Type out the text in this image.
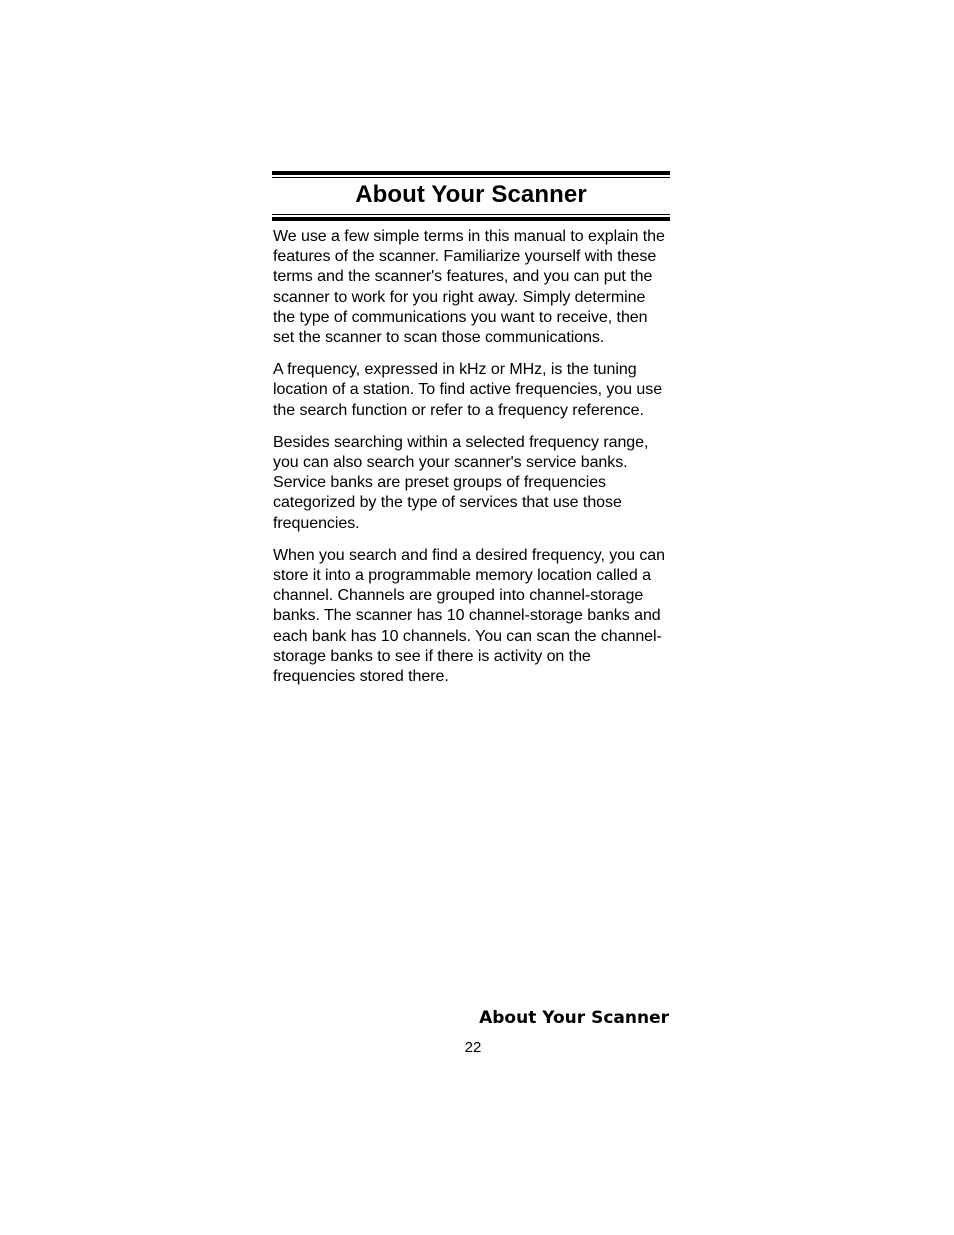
About Your Scanner

We use a few simple terms in this manual to explain the features of the scanner. Familiarize yourself with these terms and the scanner's features, and you can put the scanner to work for you right away. Simply determine the type of communications you want to receive, then set the scanner to scan those communications.

A frequency, expressed in kHz or MHz, is the tuning location of a station. To find active frequencies, you use the search function or refer to a frequency reference.

Besides searching within a selected frequency range, you can also search your scanner's service banks. Service banks are preset groups of frequencies categorized by the type of services that use those frequencies.

When you search and find a desired frequency, you can store it into a programmable memory location called a channel. Channels are grouped into channel-storage banks. The scanner has 10 channel-storage banks and each bank has 10 channels. You can scan the channel-storage banks to see if there is activity on the frequencies stored there.

About Your Scanner
22
